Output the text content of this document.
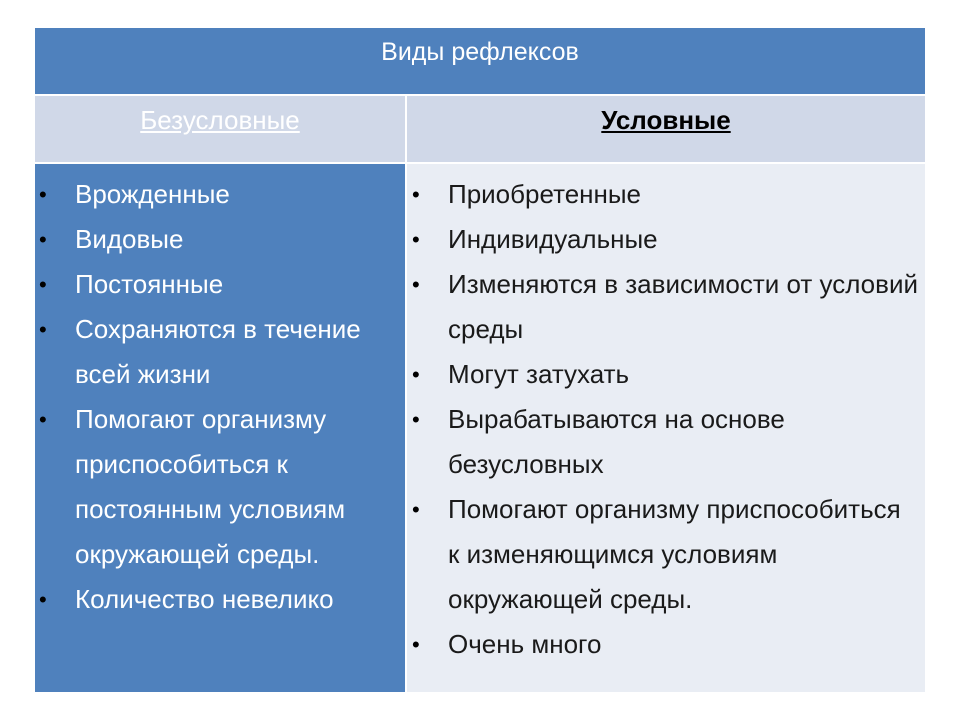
Виды рефлексов
Безусловные	Условные
• Врожденные
• Видовые
• Постоянные
• Сохраняются в течение всей жизни
• Помогают организму приспособиться к постоянным условиям окружающей среды.
• Количество невелико
• Приобретенные
• Индивидуальные
• Изменяются в зависимости от условий среды
• Могут затухать
• Вырабатываются на основе безусловных
• Помогают организму приспособиться к изменяющимся условиям окружающей среды.
• Очень много
